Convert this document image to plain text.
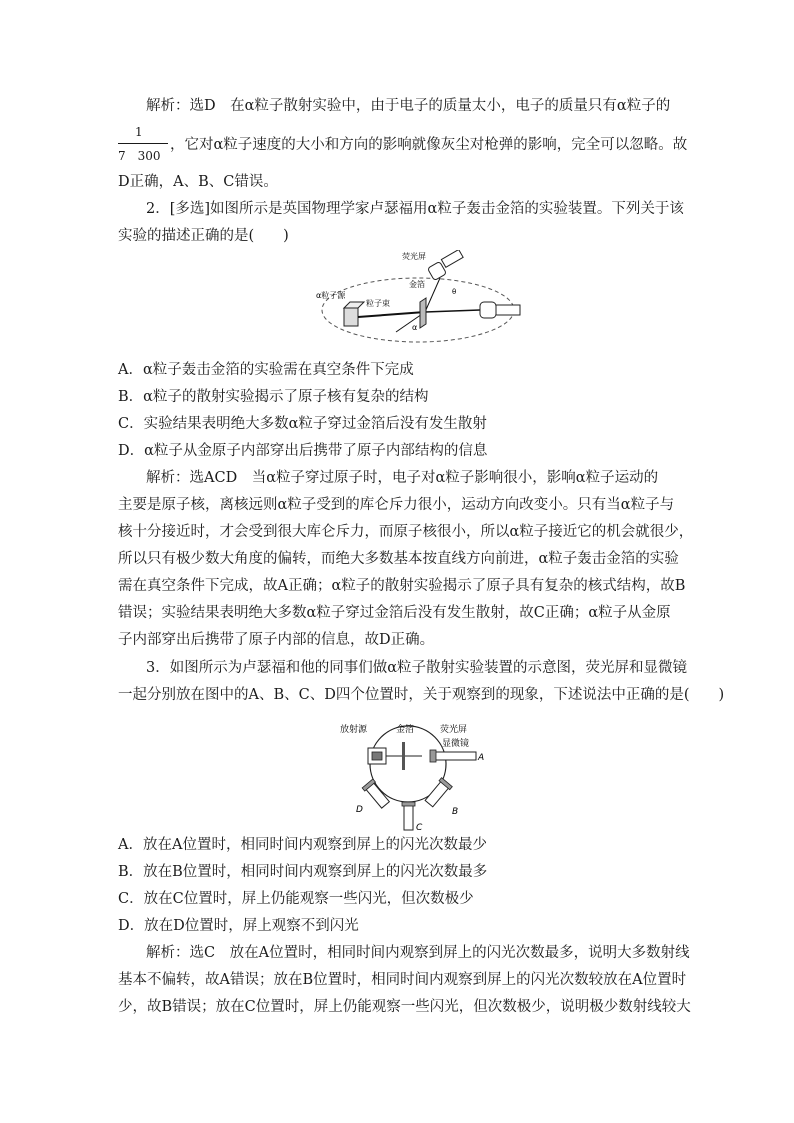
解析：选D　在α粒子散射实验中，由于电子的质量太小，电子的质量只有α粒子的
1
7　300
，它对α粒子速度的大小和方向的影响就像灰尘对枪弹的影响，完全可以忽略。故
D正确，A、B、C错误。
2．[多选]如图所示是英国物理学家卢瑟福用α粒子轰击金箔的实验装置。下列关于该
实验的描述正确的是(　　)
荧光屏
金箔
α粒子源
粒子束
α
θ
A．α粒子轰击金箔的实验需在真空条件下完成
B．α粒子的散射实验揭示了原子核有复杂的结构
C．实验结果表明绝大多数α粒子穿过金箔后没有发生散射
D．α粒子从金原子内部穿出后携带了原子内部结构的信息
解析：选ACD　当α粒子穿过原子时，电子对α粒子影响很小，影响α粒子运动的
主要是原子核，离核远则α粒子受到的库仑斥力很小，运动方向改变小。只有当α粒子与
核十分接近时，才会受到很大库仑斥力，而原子核很小，所以α粒子接近它的机会就很少，
所以只有极少数大角度的偏转，而绝大多数基本按直线方向前进，α粒子轰击金箔的实验
需在真空条件下完成，故A正确；α粒子的散射实验揭示了原子具有复杂的核式结构，故B
错误；实验结果表明绝大多数α粒子穿过金箔后没有发生散射，故C正确；α粒子从金原
子内部穿出后携带了原子内部的信息，故D正确。
3．如图所示为卢瑟福和他的同事们做α粒子散射实验装置的示意图，荧光屏和显微镜
一起分别放在图中的A、B、C、D四个位置时，关于观察到的现象，下述说法中正确的是(　　)
放射源	金箔	荧光屏
显微镜
A
B
C
D
A．放在A位置时，相同时间内观察到屏上的闪光次数最少
B．放在B位置时，相同时间内观察到屏上的闪光次数最多
C．放在C位置时，屏上仍能观察一些闪光，但次数极少
D．放在D位置时，屏上观察不到闪光
解析：选C　放在A位置时，相同时间内观察到屏上的闪光次数最多，说明大多数射线
基本不偏转，故A错误；放在B位置时，相同时间内观察到屏上的闪光次数较放在A位置时
少，故B错误；放在C位置时，屏上仍能观察一些闪光，但次数极少，说明极少数射线较大
